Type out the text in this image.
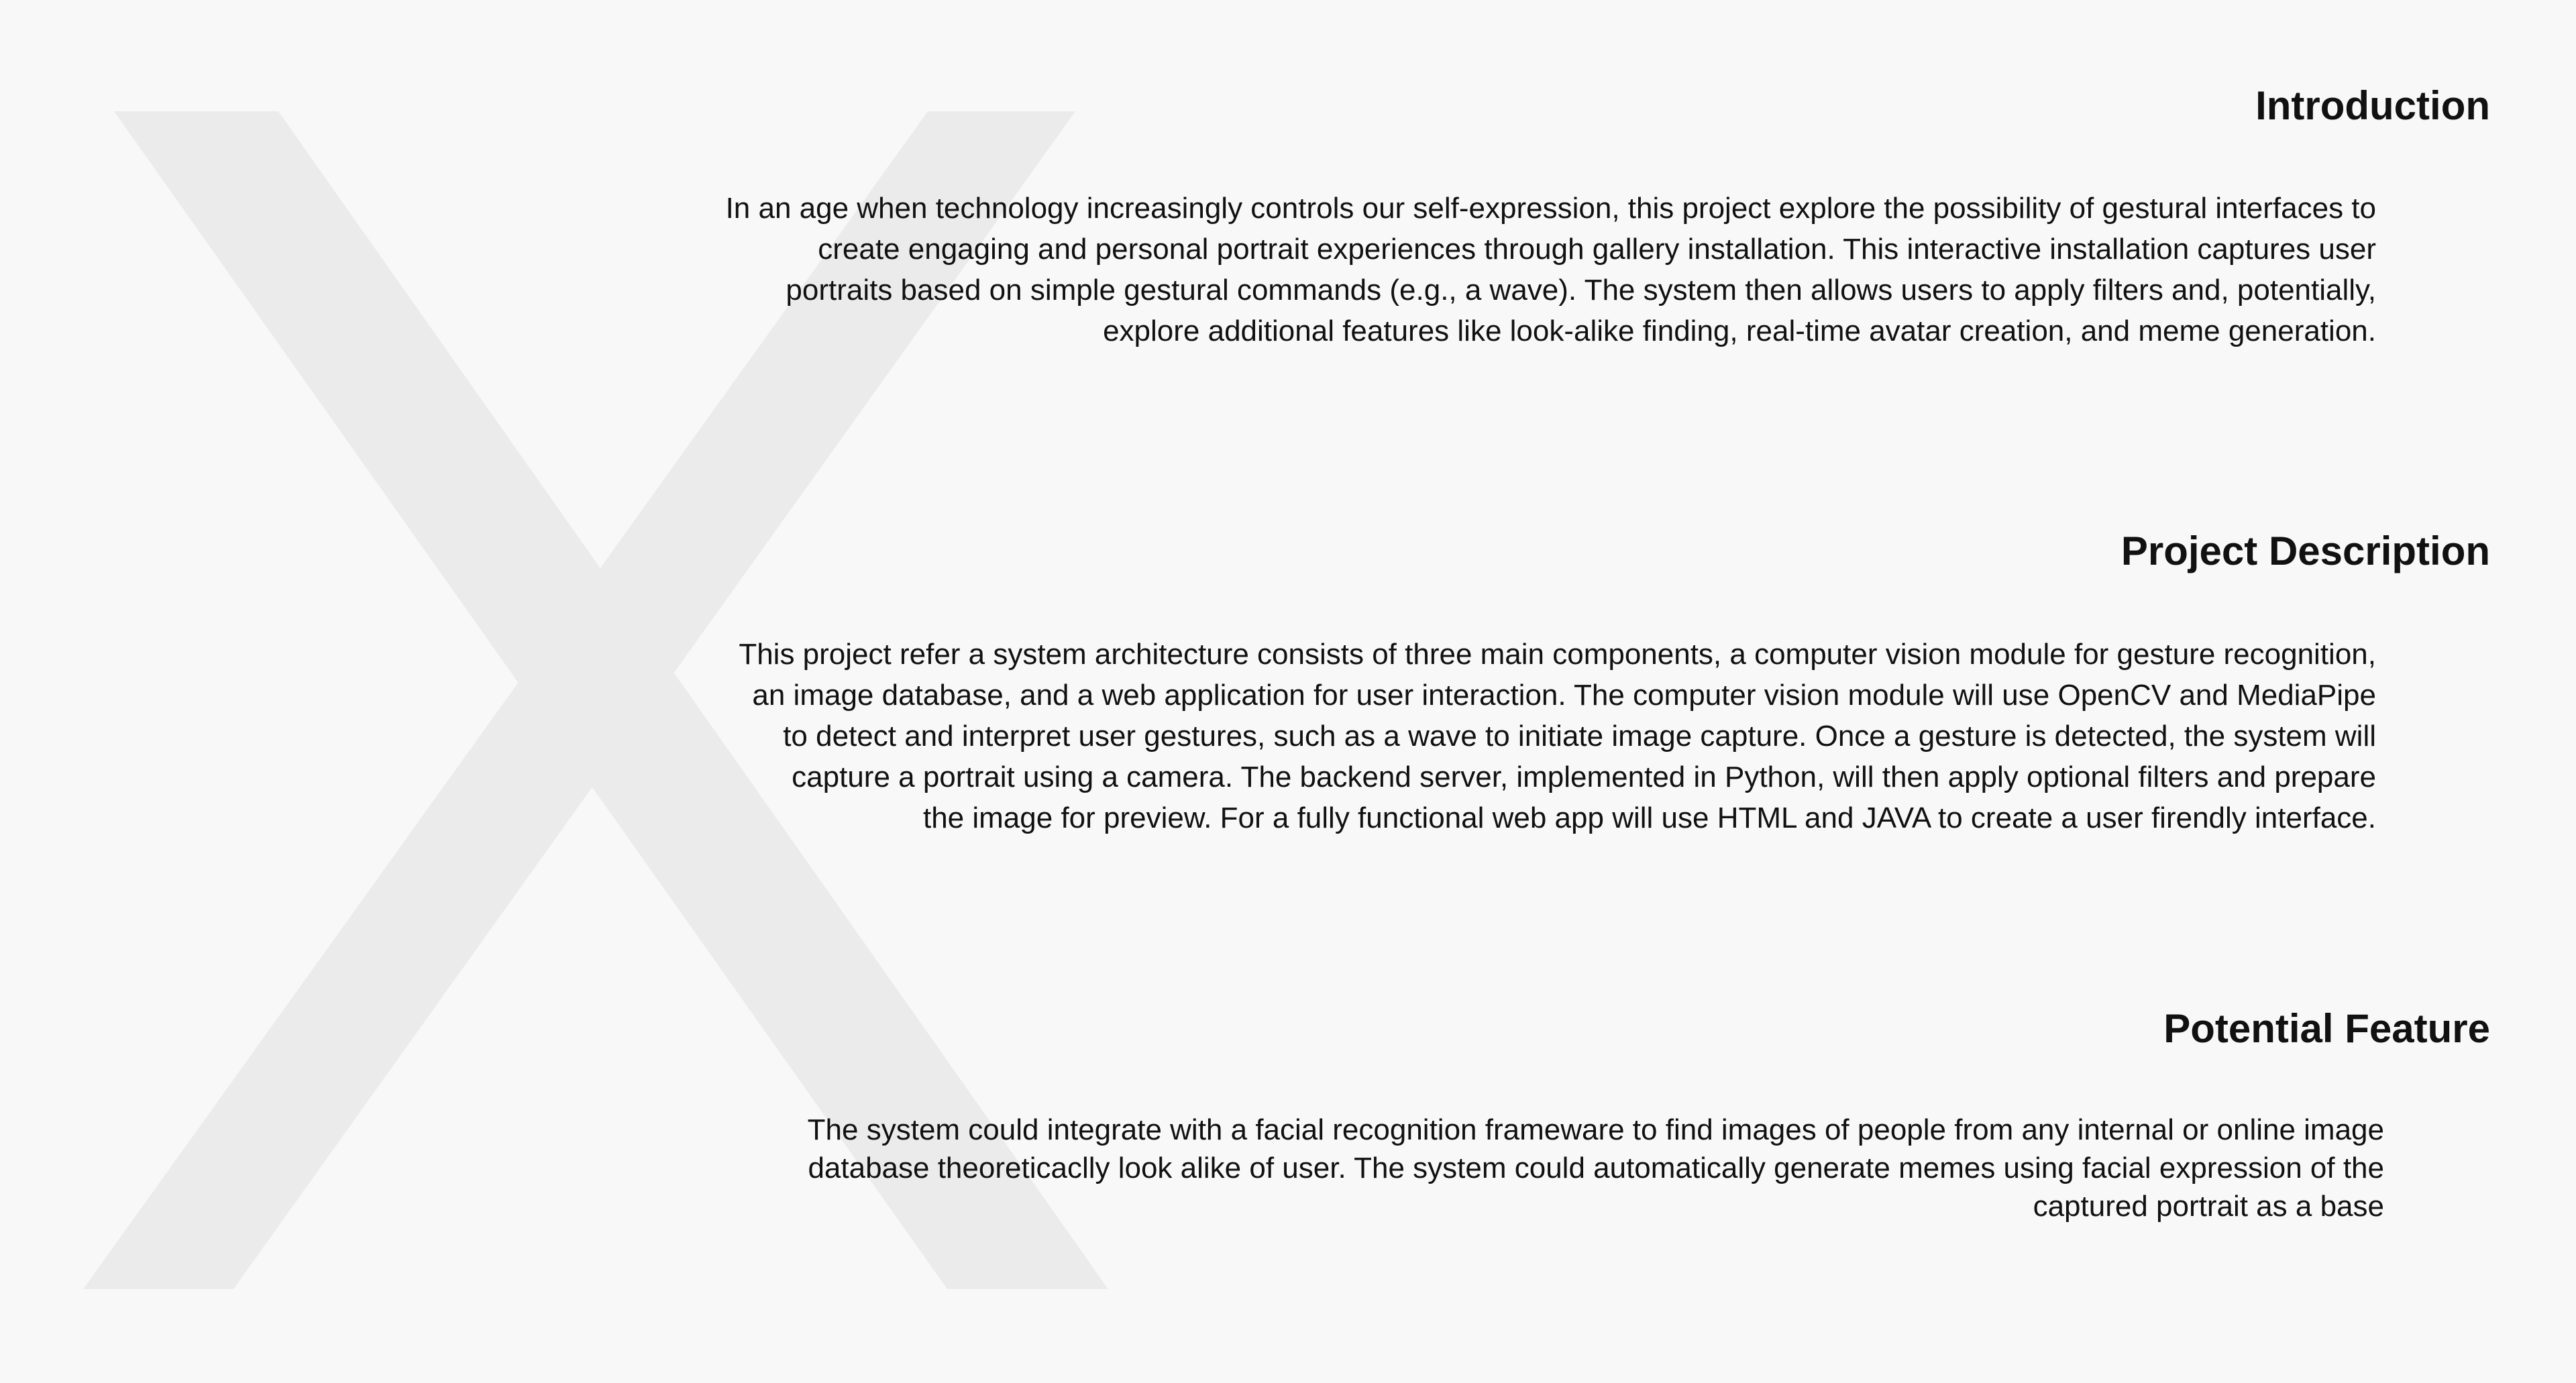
Introduction

In an age when technology increasingly controls our self-expression, this project explore the possibility of gestural interfaces to
create engaging and personal portrait experiences through gallery installation. This interactive installation captures user
portraits based on simple gestural commands (e.g., a wave). The system then allows users to apply filters and, potentially,
explore additional features like look-alike finding, real-time avatar creation, and meme generation.

Project Description

This project refer a system architecture consists of three main components, a computer vision module for gesture recognition,
an image database, and a web application for user interaction. The computer vision module will use OpenCV and MediaPipe
to detect and interpret user gestures, such as a wave to initiate image capture. Once a gesture is detected, the system will
capture a portrait using a camera. The backend server, implemented in Python, will then apply optional filters and prepare
the image for preview. For a fully functional web app will use HTML and JAVA to create a user firendly interface.

Potential Feature

The system could integrate with a facial recognition frameware to find images of people from any internal or online image
database theoreticaclly look alike of user. The system could automatically generate memes using facial expression of the
captured portrait as a base
